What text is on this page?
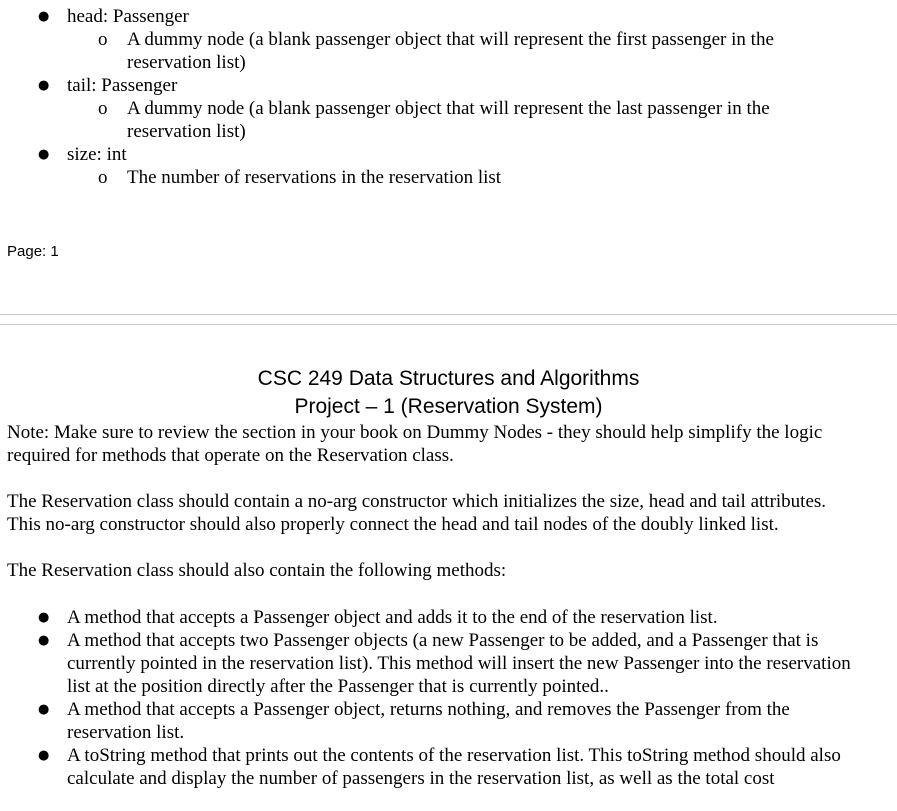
● head: Passenger
o A dummy node (a blank passenger object that will represent the first passenger in the reservation list)
● tail: Passenger
o A dummy node (a blank passenger object that will represent the last passenger in the reservation list)
● size: int
o The number of reservations in the reservation list
Page: 1

CSC 249 Data Structures and Algorithms

Project – 1 (Reservation System)

Note: Make sure to review the section in your book on Dummy Nodes - they should help simplify the logic required for methods that operate on the Reservation class.

The Reservation class should contain a no-arg constructor which initializes the size, head and tail attributes. This no-arg constructor should also properly connect the head and tail nodes of the doubly linked list.

The Reservation class should also contain the following methods:

● A method that accepts a Passenger object and adds it to the end of the reservation list.
● A method that accepts two Passenger objects (a new Passenger to be added, and a Passenger that is currently pointed in the reservation list). This method will insert the new Passenger into the reservation list at the position directly after the Passenger that is currently pointed..
● A method that accepts a Passenger object, returns nothing, and removes the Passenger from the reservation list.
● A toString method that prints out the contents of the reservation list. This toString method should also calculate and display the number of passengers in the reservation list, as well as the total cost
